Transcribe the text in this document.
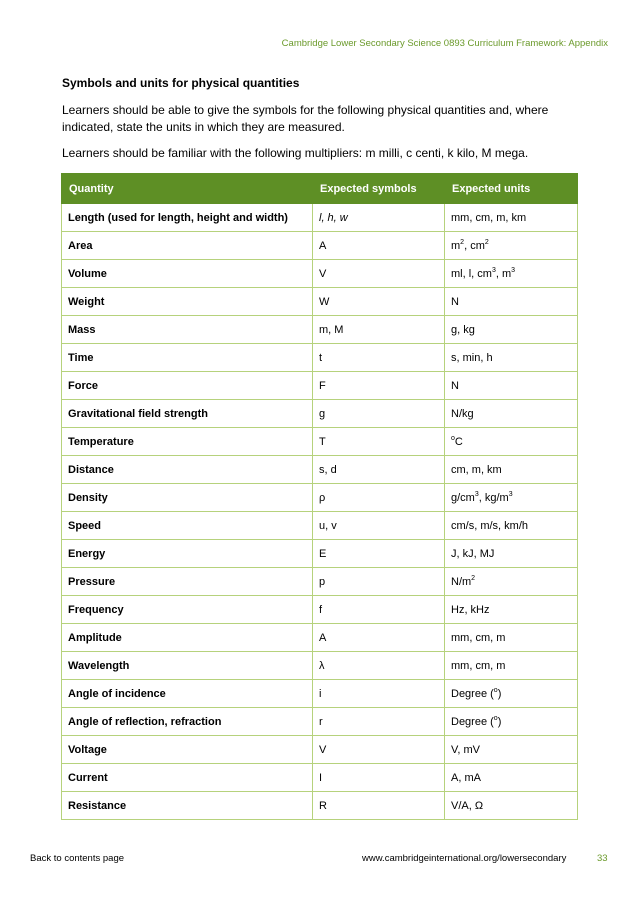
Cambridge Lower Secondary Science 0893 Curriculum Framework: Appendix
Symbols and units for physical quantities
Learners should be able to give the symbols for the following physical quantities and, where indicated, state the units in which they are measured.
Learners should be familiar with the following multipliers: m milli, c centi, k kilo, M mega.
Quantity	Expected symbols	Expected units
Length (used for length, height and width)	l, h, w	mm, cm, m, km
Area	A	$m^2$, $cm^2$
Volume	V	ml, l, $cm^3$, $m^3$
Weight	W	N
Mass	m, M	g, kg
Time	t	s, min, h
Force	F	N
Gravitational field strength	g	N/kg
Temperature	T	$^o$C
Distance	s, d	cm, m, km
Density	ρ	$g/cm^3$, $kg/m^3$
Speed	u, v	cm/s, m/s, km/h
Energy	E	J, kJ, MJ
Pressure	p	$N/m^2$
Frequency	f	Hz, kHz
Amplitude	A	mm, cm, m
Wavelength	λ	mm, cm, m
Angle of incidence	i	Degree ($^o$)
Angle of reflection, refraction	r	Degree ($^o$)
Voltage	V	V, mV
Current	I	A, mA
Resistance	R	V/A, Ω
Back to contents page	www.cambridgeinternational.org/lowersecondary	33
